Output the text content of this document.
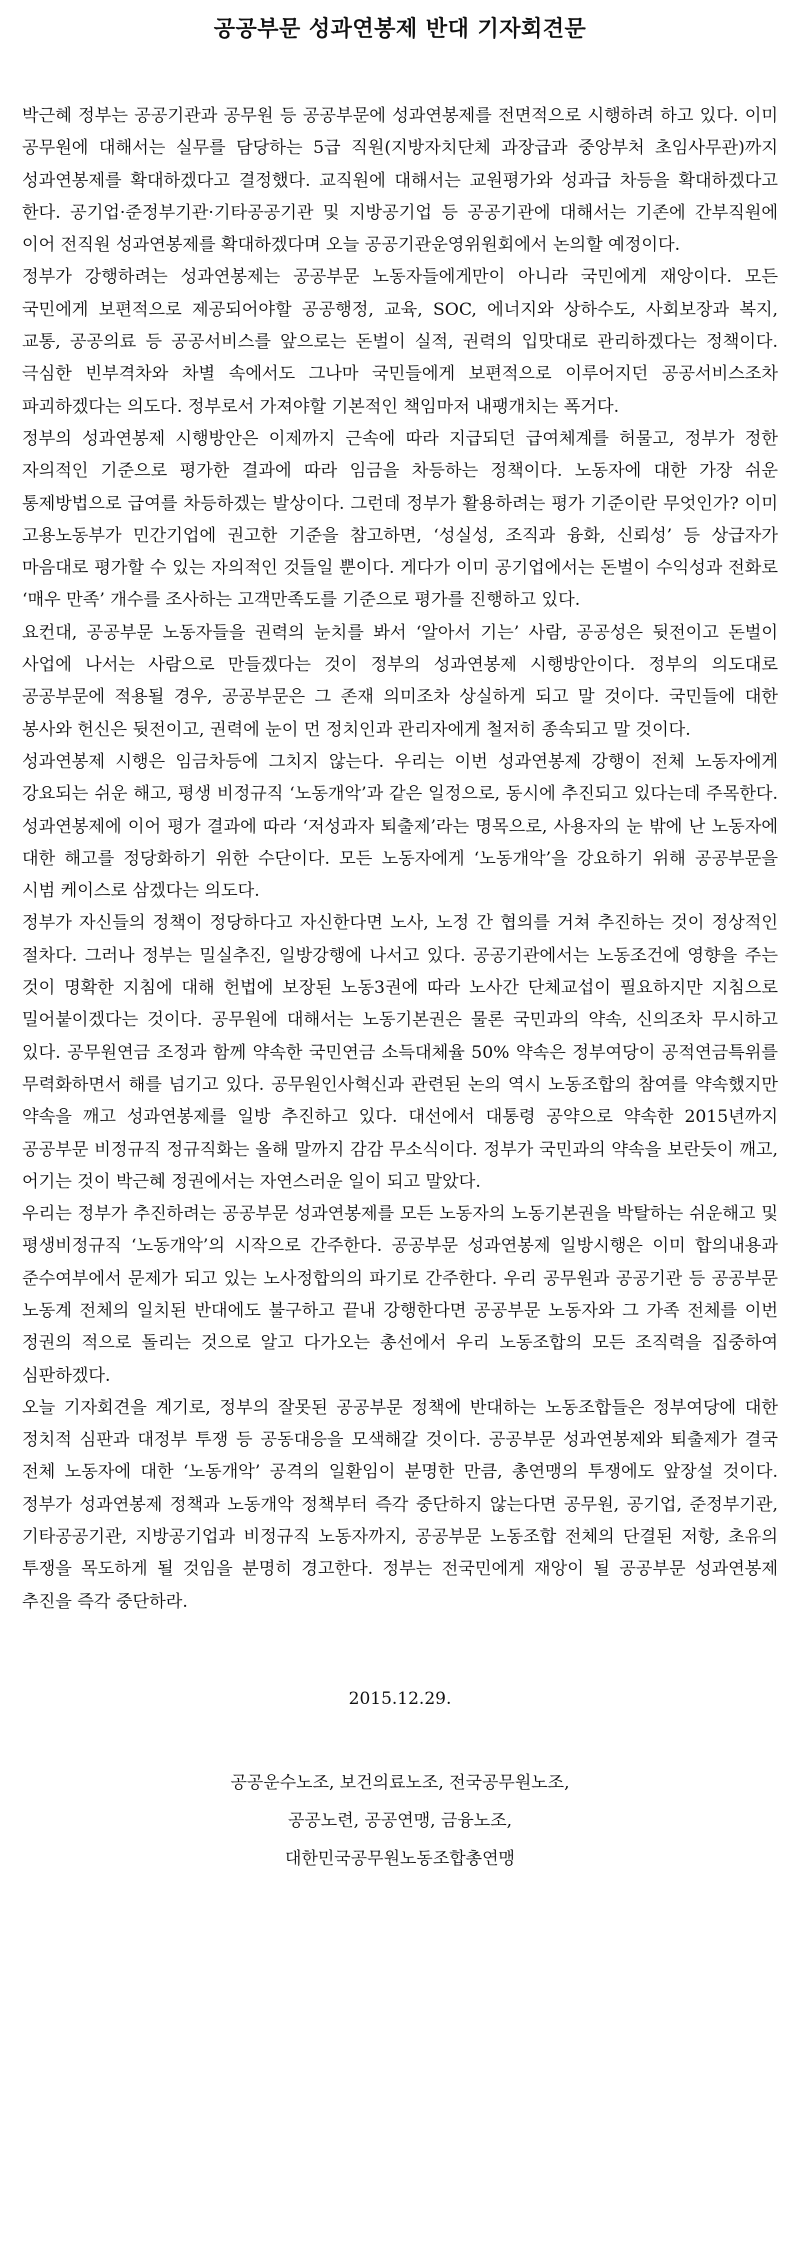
공공부문 성과연봉제 반대 기자회견문

박근혜 정부는 공공기관과 공무원 등 공공부문에 성과연봉제를 전면적으로 시행하려 하고 있다. 이미 공무원에 대해서는 실무를 담당하는 5급 직원(지방자치단체 과장급과 중앙부처 초임사무관)까지 성과연봉제를 확대하겠다고 결정했다. 교직원에 대해서는 교원평가와 성과급 차등을 확대하겠다고 한다. 공기업·준정부기관·기타공공기관 및 지방공기업 등 공공기관에 대해서는 기존에 간부직원에 이어 전직원 성과연봉제를 확대하겠다며 오늘 공공기관운영위원회에서 논의할 예정이다.

정부가 강행하려는 성과연봉제는 공공부문 노동자들에게만이 아니라 국민에게 재앙이다. 모든 국민에게 보편적으로 제공되어야할 공공행정, 교육, SOC, 에너지와 상하수도, 사회보장과 복지, 교통, 공공의료 등 공공서비스를 앞으로는 돈벌이 실적, 권력의 입맛대로 관리하겠다는 정책이다. 극심한 빈부격차와 차별 속에서도 그나마 국민들에게 보편적으로 이루어지던 공공서비스조차 파괴하겠다는 의도다. 정부로서 가져야할 기본적인 책임마저 내팽개치는 폭거다.

정부의 성과연봉제 시행방안은 이제까지 근속에 따라 지급되던 급여체계를 허물고, 정부가 정한 자의적인 기준으로 평가한 결과에 따라 임금을 차등하는 정책이다. 노동자에 대한 가장 쉬운 통제방법으로 급여를 차등하겠는 발상이다. 그런데 정부가 활용하려는 평가 기준이란 무엇인가? 이미 고용노동부가 민간기업에 권고한 기준을 참고하면, ‘성실성, 조직과 융화, 신뢰성’ 등 상급자가 마음대로 평가할 수 있는 자의적인 것들일 뿐이다. 게다가 이미 공기업에서는 돈벌이 수익성과 전화로 ‘매우 만족’ 개수를 조사하는 고객만족도를 기준으로 평가를 진행하고 있다.

요컨대, 공공부문 노동자들을 권력의 눈치를 봐서 ‘알아서 기는’ 사람, 공공성은 뒷전이고 돈벌이 사업에 나서는 사람으로 만들겠다는 것이 정부의 성과연봉제 시행방안이다. 정부의 의도대로 공공부문에 적용될 경우, 공공부문은 그 존재 의미조차 상실하게 되고 말 것이다. 국민들에 대한 봉사와 헌신은 뒷전이고, 권력에 눈이 먼 정치인과 관리자에게 철저히 종속되고 말 것이다.

성과연봉제 시행은 임금차등에 그치지 않는다. 우리는 이번 성과연봉제 강행이 전체 노동자에게 강요되는 쉬운 해고, 평생 비정규직 ‘노동개악’과 같은 일정으로, 동시에 추진되고 있다는데 주목한다. 성과연봉제에 이어 평가 결과에 따라 ‘저성과자 퇴출제’라는 명목으로, 사용자의 눈 밖에 난 노동자에 대한 해고를 정당화하기 위한 수단이다. 모든 노동자에게 ‘노동개악’을 강요하기 위해 공공부문을 시범 케이스로 삼겠다는 의도다.

정부가 자신들의 정책이 정당하다고 자신한다면 노사, 노정 간 협의를 거쳐 추진하는 것이 정상적인 절차다. 그러나 정부는 밀실추진, 일방강행에 나서고 있다. 공공기관에서는 노동조건에 영향을 주는 것이 명확한 지침에 대해 헌법에 보장된 노동3권에 따라 노사간 단체교섭이 필요하지만 지침으로 밀어붙이겠다는 것이다. 공무원에 대해서는 노동기본권은 물론 국민과의 약속, 신의조차 무시하고 있다. 공무원연금 조정과 함께 약속한 국민연금 소득대체율 50% 약속은 정부여당이 공적연금특위를 무력화하면서 해를 넘기고 있다. 공무원인사혁신과 관련된 논의 역시 노동조합의 참여를 약속했지만 약속을 깨고 성과연봉제를 일방 추진하고 있다. 대선에서 대통령 공약으로 약속한 2015년까지 공공부문 비정규직 정규직화는 올해 말까지 감감 무소식이다. 정부가 국민과의 약속을 보란듯이 깨고, 어기는 것이 박근혜 정권에서는 자연스러운 일이 되고 말았다.

우리는 정부가 추진하려는 공공부문 성과연봉제를 모든 노동자의 노동기본권을 박탈하는 쉬운해고 및 평생비정규직 ‘노동개악’의 시작으로 간주한다. 공공부문 성과연봉제 일방시행은 이미 합의내용과 준수여부에서 문제가 되고 있는 노사정합의의 파기로 간주한다. 우리 공무원과 공공기관 등 공공부문 노동계 전체의 일치된 반대에도 불구하고 끝내 강행한다면 공공부문 노동자와 그 가족 전체를 이번 정권의 적으로 돌리는 것으로 알고 다가오는 총선에서 우리 노동조합의 모든 조직력을 집중하여 심판하겠다.

오늘 기자회견을 계기로, 정부의 잘못된 공공부문 정책에 반대하는 노동조합들은 정부여당에 대한 정치적 심판과 대정부 투쟁 등 공동대응을 모색해갈 것이다. 공공부문 성과연봉제와 퇴출제가 결국 전체 노동자에 대한 ‘노동개악’ 공격의 일환임이 분명한 만큼, 총연맹의 투쟁에도 앞장설 것이다. 정부가 성과연봉제 정책과 노동개악 정책부터 즉각 중단하지 않는다면 공무원, 공기업, 준정부기관, 기타공공기관, 지방공기업과 비정규직 노동자까지, 공공부문 노동조합 전체의 단결된 저항, 초유의 투쟁을 목도하게 될 것임을 분명히 경고한다. 정부는 전국민에게 재앙이 될 공공부문 성과연봉제 추진을 즉각 중단하라.

2015.12.29.
공공운수노조, 보건의료노조, 전국공무원노조,
공공노련, 공공연맹, 금융노조,
대한민국공무원노동조합총연맹
